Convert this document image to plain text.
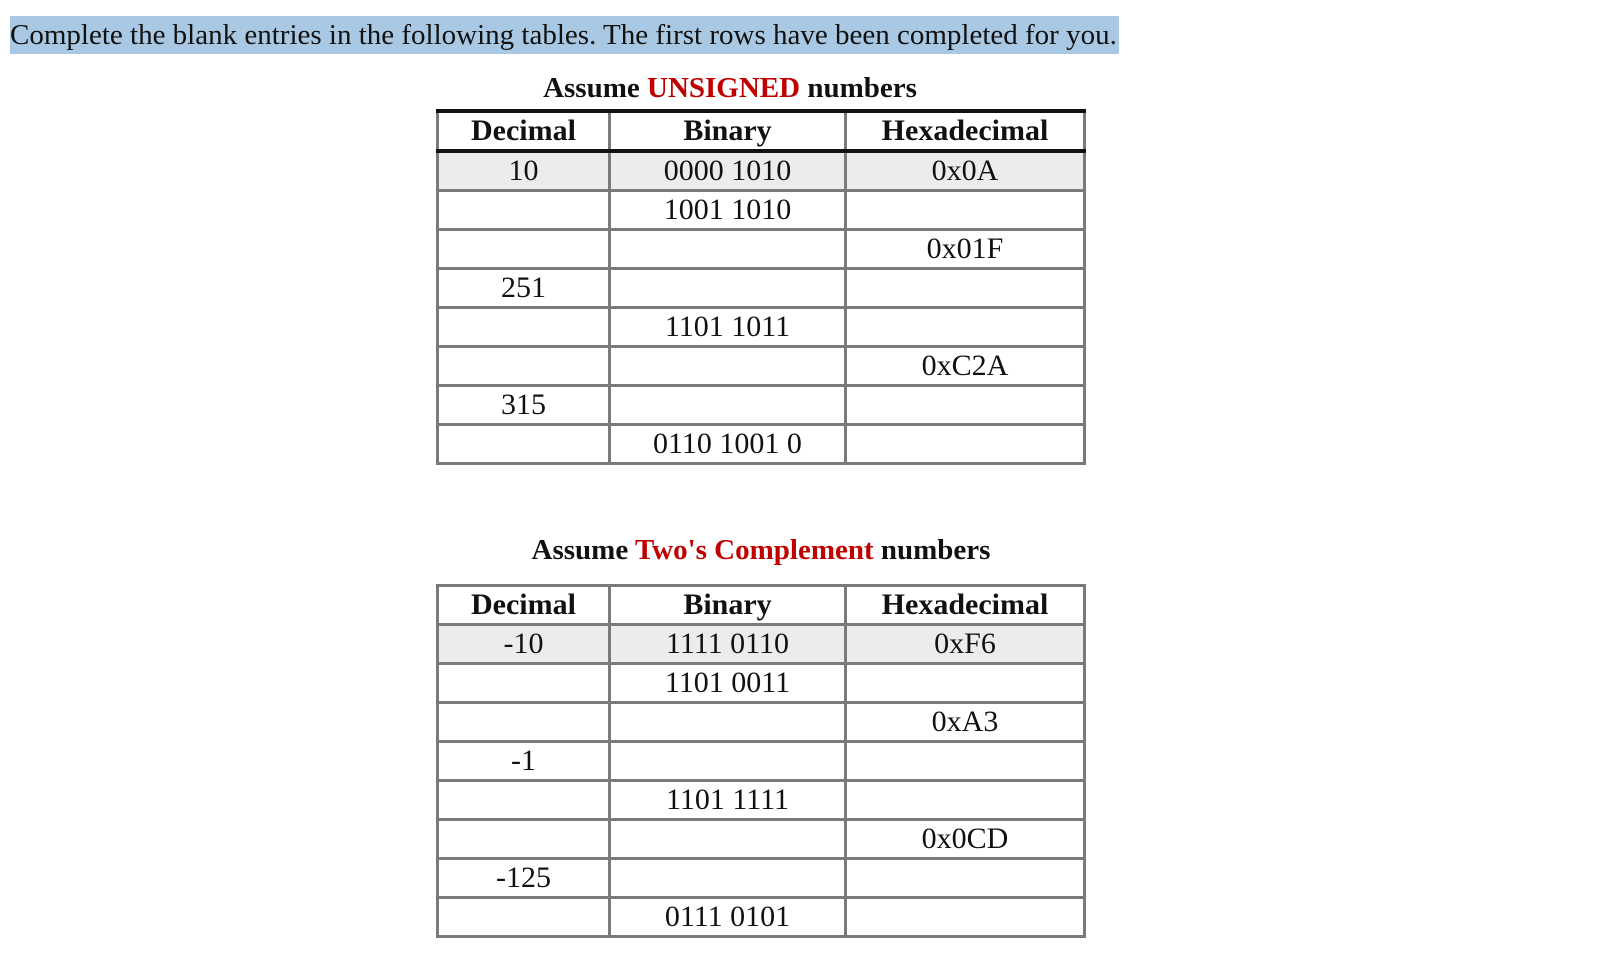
Complete the blank entries in the following tables. The first rows have been completed for you.
Assume UNSIGNED numbers
Decimal	Binary	Hexadecimal
10	0000 1010	0x0A
	1001 1010	
		0x01F
251		
	1101 1011	
		0xC2A
315		
	0110 1001 0	
Assume Two's Complement numbers
Decimal	Binary	Hexadecimal
-10	1111 0110	0xF6
	1101 0011	
		0xA3
-1		
	1101 1111	
		0x0CD
-125		
	0111 0101	
